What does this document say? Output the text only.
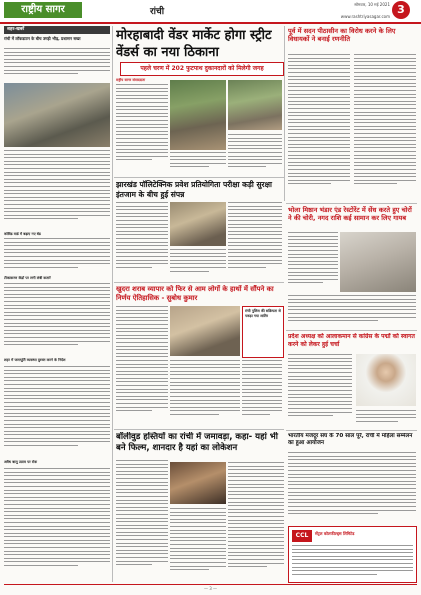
राष्ट्रीय सागर	रांची
सोमवार, 10 मई 2021
www.rashtriyasagar.com
3
शहर-खबरें
रांची में लॉकडाउन के बीच उमड़ी भीड़, प्रशासन सख्त
कोविड वार्ड में बढ़ाए गए बेड
टीकाकरण केंद्रों पर लगी लंबी कतारें
शहर में जलापूर्ति व्यवस्था दुरुस्त करने के निर्देश
अवैध बालू उठाव पर रोक
मोरहाबादी वेंडर मार्केट होगा स्ट्रीट वेंडर्स का नया ठिकाना
पहले चरण में 202 फुटपाथ दुकानदारों को मिलेगी जगह
राष्ट्रीय सागर संवाददाता
पूर्व में सदन पीठासीन का विरोध करने के लिए विधायकों ने बनाई रणनीति
झारखंड पॉलिटेक्निक प्रवेश प्रतियोगिता परीक्षा कड़ी सुरक्षा इंतजाम के बीच हुई संपन्न
भोला मिष्ठान भंडार एंड रेस्टोरेंट में सेंध करते हुए चोरों ने की चोरी, नगद राशि कई सामान कर लिए गायब
खुदरा शराब व्यापार को फिर से आम लोगों के हाथों में सौंपने का निर्णय ऐतिहासिक - सुबोध कुमार
रांची पुलिस की सक्रियता से पकड़ा गया शातिर
प्रदेश अध्यक्ष को आलाकमान से कांग्रेस के पद्मों को स्वागत करने को लेकर हुई चर्चा
बॉलीवुड हस्तियों का रांची में जमावड़ा, कहा- यहां भी बने फिल्म, शानदार है यहां का लोकेशन
भारतीय मजदूर संघ के 70 साल पूरे, रांची में महिला सम्मेलन का हुआ आयोजन
CCL	सेंट्रल कोलफील्ड्स लिमिटेड
— 3 —
